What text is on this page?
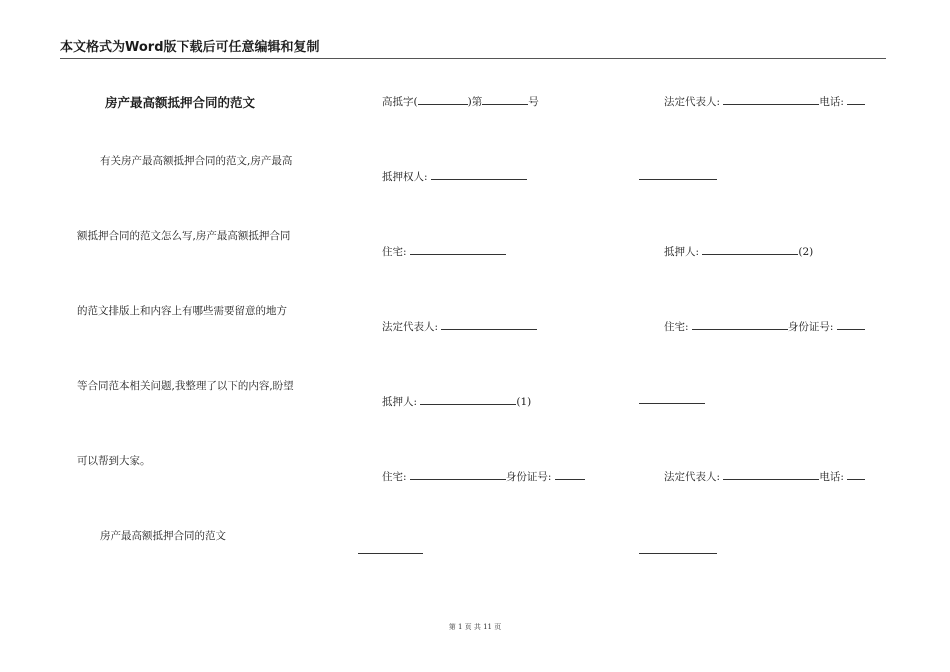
本文格式为Word版下载后可任意编辑和复制
房产最高额抵押合同的范文
有关房产最高额抵押合同的范文,房产最高
额抵押合同的范文怎么写,房产最高额抵押合同
的范文排版上和内容上有哪些需要留意的地方
等合同范本相关问题,我整理了以下的内容,盼望
可以帮到大家。
房产最高额抵押合同的范文
高抵字(	)第	号
抵押权人:
住宅:
法定代表人:
抵押人:	(1)
住宅:	身份证号:
法定代表人:	电话:
抵押人:	(2)
住宅:	身份证号:
法定代表人:	电话:
第 1 页 共 11 页
